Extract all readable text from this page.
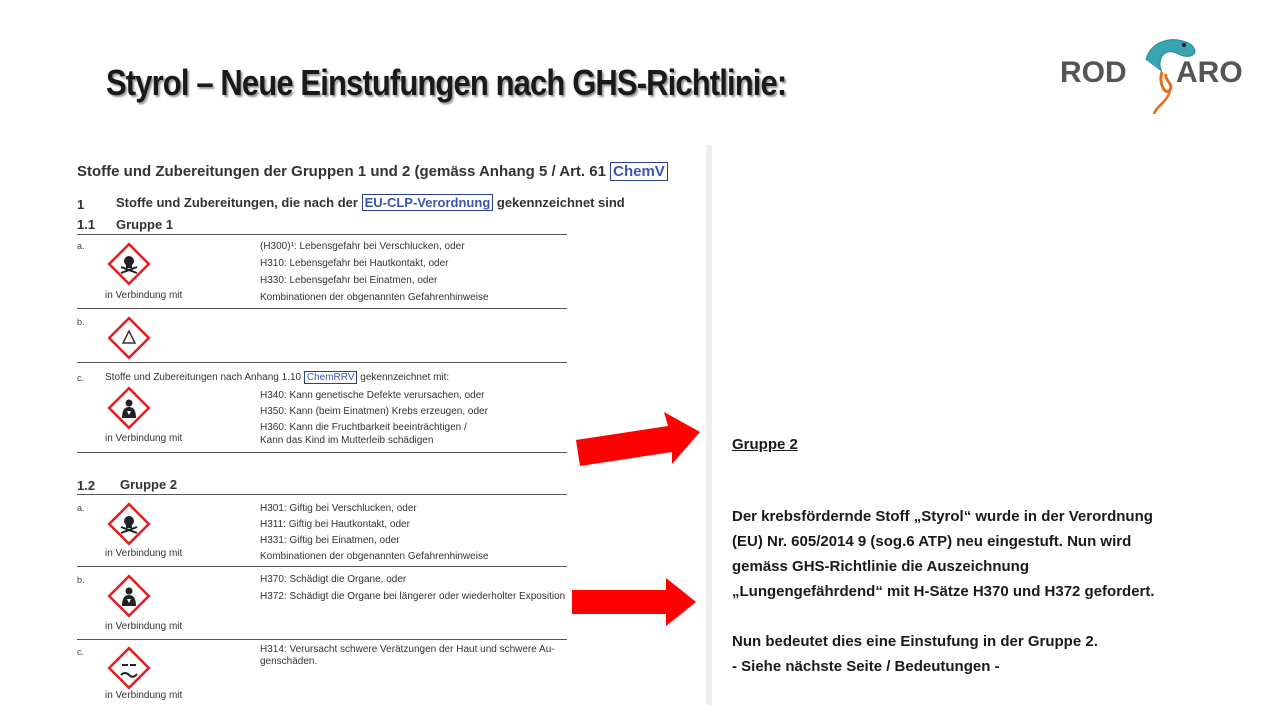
Styrol – Neue Einstufungen nach GHS-Richtlinie:	ROD ARO
Stoffe und Zubereitungen der Gruppen 1 und 2 (gemäss Anhang 5 / Art. 61 ChemV
1 Stoffe und Zubereitungen, die nach der EU-CLP-Verordnung gekennzeichnet sind
1.1 Gruppe 1
a.	(H300)¹: Lebensgefahr bei Verschlucken, oder
H310: Lebensgefahr bei Hautkontakt, oder
H330: Lebensgefahr bei Einatmen, oder
Kombinationen der obgenannten Gefahrenhinweise
in Verbindung mit
b.
c. Stoffe und Zubereitungen nach Anhang 1.10 ChemRRV gekennzeichnet mit:
H340: Kann genetische Defekte verursachen, oder
H350: Kann (beim Einatmen) Krebs erzeugen, oder
H360: Kann die Fruchtbarkeit beeinträchtigen /
Kann das Kind im Mutterleib schädigen
in Verbindung mit
1.2 Gruppe 2
a.	H301: Giftig bei Verschlucken, oder
H311: Giftig bei Hautkontakt, oder
H331: Giftig bei Einatmen, oder
Kombinationen der obgenannten Gefahrenhinweise
in Verbindung mit
b.	H370: Schädigt die Organe, oder
H372: Schädigt die Organe bei längerer oder wiederholter Exposition
in Verbindung mit
c.	H314: Verursacht schwere Verätzungen der Haut und schwere Au-
genschäden.
in Verbindung mit
Gruppe 2

Der krebsfördernde Stoff „Styrol“ wurde in der Verordnung

(EU) Nr. 605/2014 9 (sog.6 ATP) neu eingestuft. Nun wird

gemäss GHS-Richtlinie die Auszeichnung

„Lungengefährdend“ mit H-Sätze H370 und H372 gefordert.

Nun bedeutet dies eine Einstufung in der Gruppe 2.

- Siehe nächste Seite / Bedeutungen -
